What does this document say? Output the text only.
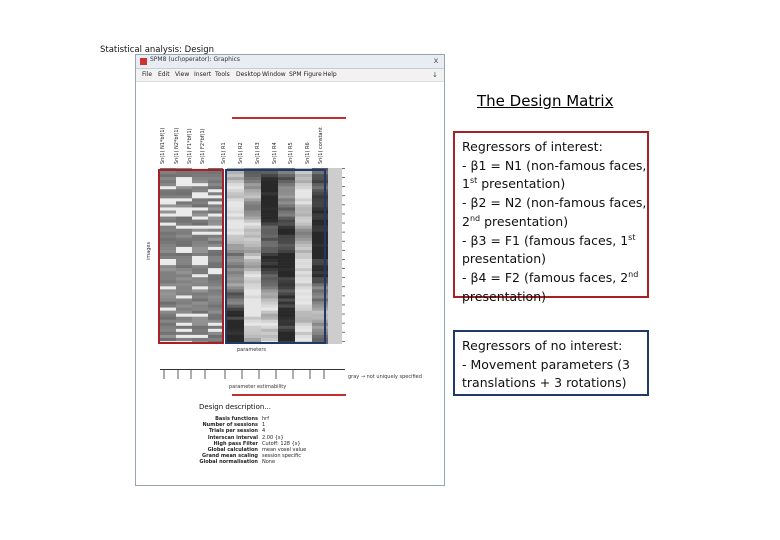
SPM8 (ucl\operator): Graphics	x
File Edit View Insert Tools Desktop Window SPM Figure Help	↓
Statistical analysis: Design
Sn(1) N1*bf(1) Sn(1) N2*bf(1) Sn(1) F1*bf(1) Sn(1) F2*bf(1)	Sn(1) R1 Sn(1) R2 Sn(1) R3 Sn(1) R4 Sn(1) R5 Sn(1) R6 Sn(1) constant
images
parameters
gray → not uniquely specified
parameter estimability
Design description...
Basis functions hrf
Number of sessions 1
Trials per session 4
Interscan interval 2.00 {s}
High pass Filter Cutoff: 128 {s}
Global calculation mean voxel value
Grand mean scaling session specific
Global normalisation None
The Design Matrix
Regressors of interest:
- β1 = N1 (non-famous faces,
1st presentation)
- β2 = N2 (non-famous faces,
2nd presentation)
- β3 = F1 (famous faces, 1st
presentation)
- β4 = F2 (famous faces, 2nd
presentation)
Regressors of no interest:
- Movement parameters (3
translations + 3 rotations)
